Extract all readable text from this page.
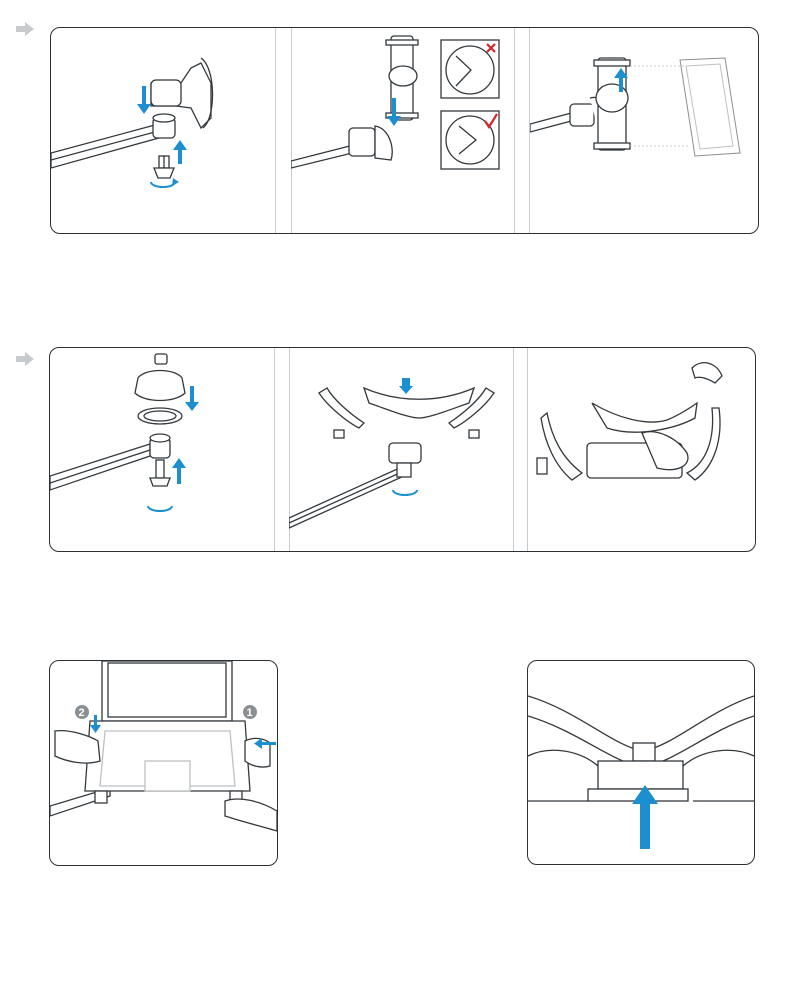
2	1
